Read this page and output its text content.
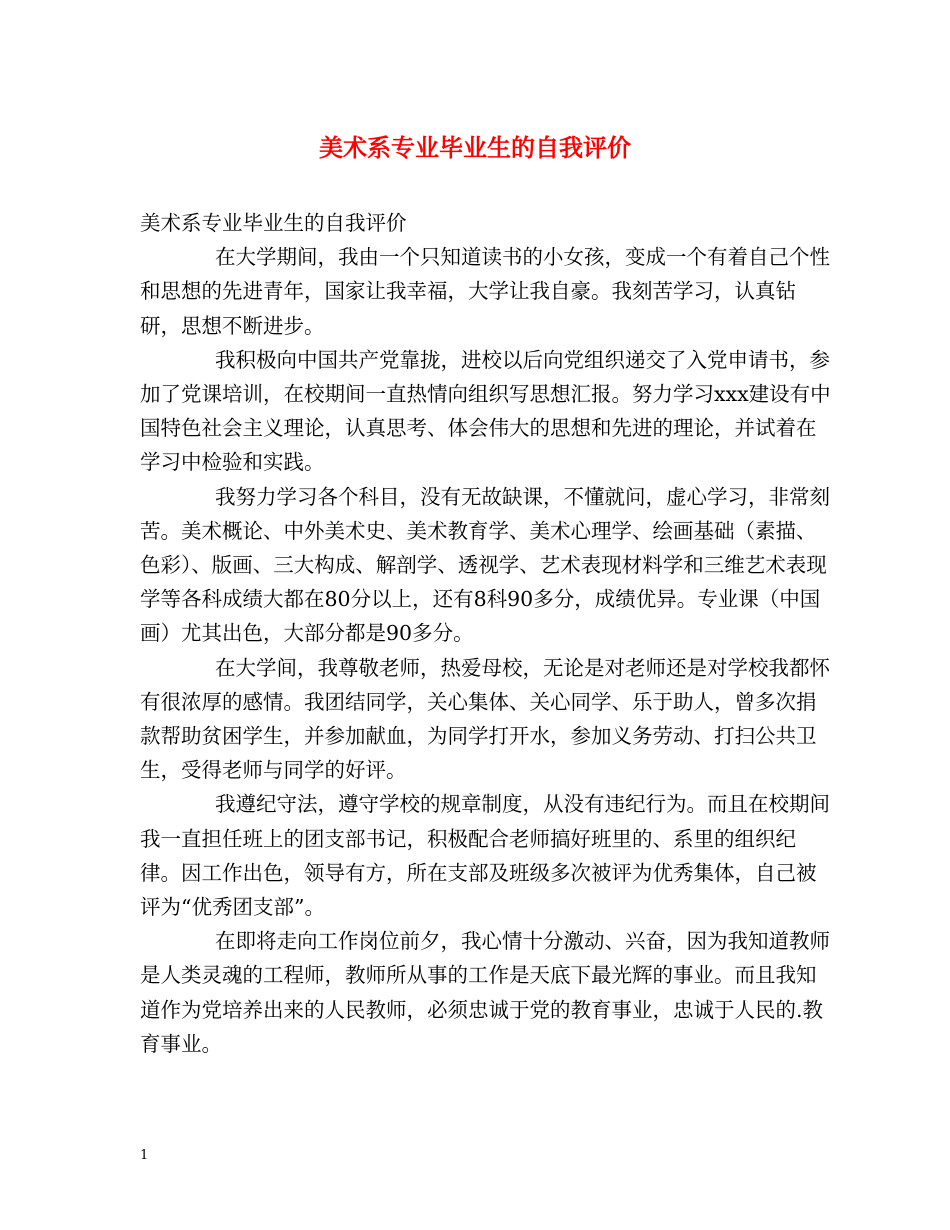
美术系专业毕业生的自我评价

美术系专业毕业生的自我评价

在大学期间，我由一个只知道读书的小女孩，变成一个有着自己个性和思想的先进青年，国家让我幸福，大学让我自豪。我刻苦学习，认真钻研，思想不断进步。

我积极向中国共产党靠拢，进校以后向党组织递交了入党申请书，参加了党课培训，在校期间一直热情向组织写思想汇报。努力学习xxx建设有中国特色社会主义理论，认真思考、体会伟大的思想和先进的理论，并试着在学习中检验和实践。

我努力学习各个科目，没有无故缺课，不懂就问，虚心学习，非常刻苦。美术概论、中外美术史、美术教育学、美术心理学、绘画基础（素描、色彩）、版画、三大构成、解剖学、透视学、艺术表现材料学和三维艺术表现学等各科成绩大都在80分以上，还有8科90多分，成绩优异。专业课（中国画）尤其出色，大部分都是90多分。

在大学间，我尊敬老师，热爱母校，无论是对老师还是对学校我都怀有很浓厚的感情。我团结同学，关心集体、关心同学、乐于助人，曾多次捐款帮助贫困学生，并参加献血，为同学打开水，参加义务劳动、打扫公共卫生，受得老师与同学的好评。

我遵纪守法，遵守学校的规章制度，从没有违纪行为。而且在校期间我一直担任班上的团支部书记，积极配合老师搞好班里的、系里的组织纪律。因工作出色，领导有方，所在支部及班级多次被评为优秀集体，自己被评为“优秀团支部”。

在即将走向工作岗位前夕，我心情十分激动、兴奋，因为我知道教师是人类灵魂的工程师，教师所从事的工作是天底下最光辉的事业。而且我知道作为党培养出来的人民教师，必须忠诚于党的教育事业，忠诚于人民的.教育事业。

1
